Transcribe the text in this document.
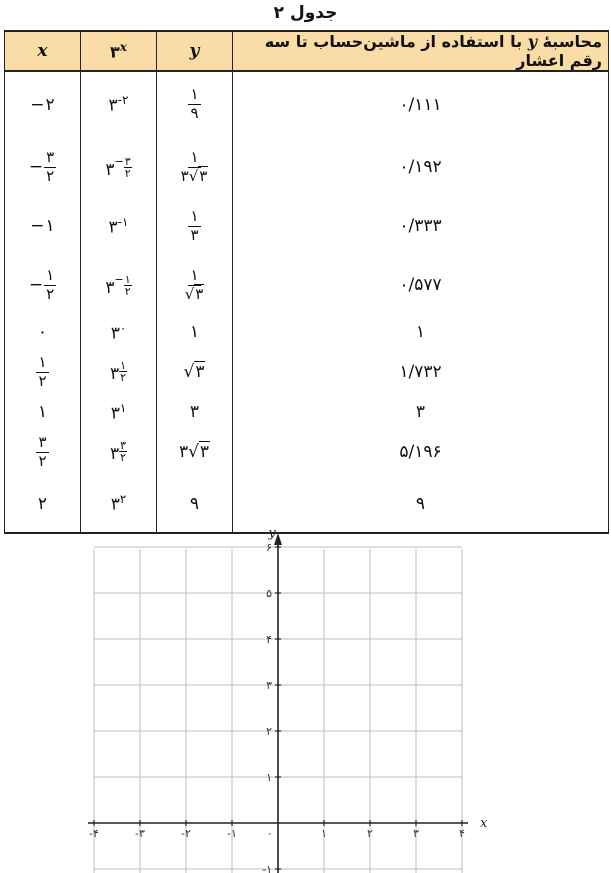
جدول ۲
x	۳$^x$	y	محاسبهٔ y با استفاده از ماشین‌حساب تا سه رقم اعشار
−۲	$۳^{-۲}$	$\frac{۱}{۹}$	۰/۱۱۱
− $\frac{۳}{۲}$	۳− $\frac{۳}{۲}$	$\frac{۱}{۳√۳}$	۰/۱۹۲
−۱	$۳^{-۱}$	$\frac{۱}{۳}$	۰/۳۳۳
− $\frac{۱}{۲}$	۳− $\frac{۱}{۲}$	$\frac{۱}{√۳}$	۰/۵۷۷
۰	$۳^۰$	۱	۱

$\frac{۱}{۲}$	۳ $\frac{۱}{۲}$	√۳	۱/۷۳۲
۱	$۳^۱$	۳	۳

$\frac{۳}{۲}$	۳ $\frac{۳}{۲}$	۳√۳	۵/۱۹۶
۲	$۳^۲$	۹	۹
-۴	-۳	-۲	-۱	۰	۱	۲	۳	۴
-۱
۱
۲
۳
۴
۵
۶
x
y
